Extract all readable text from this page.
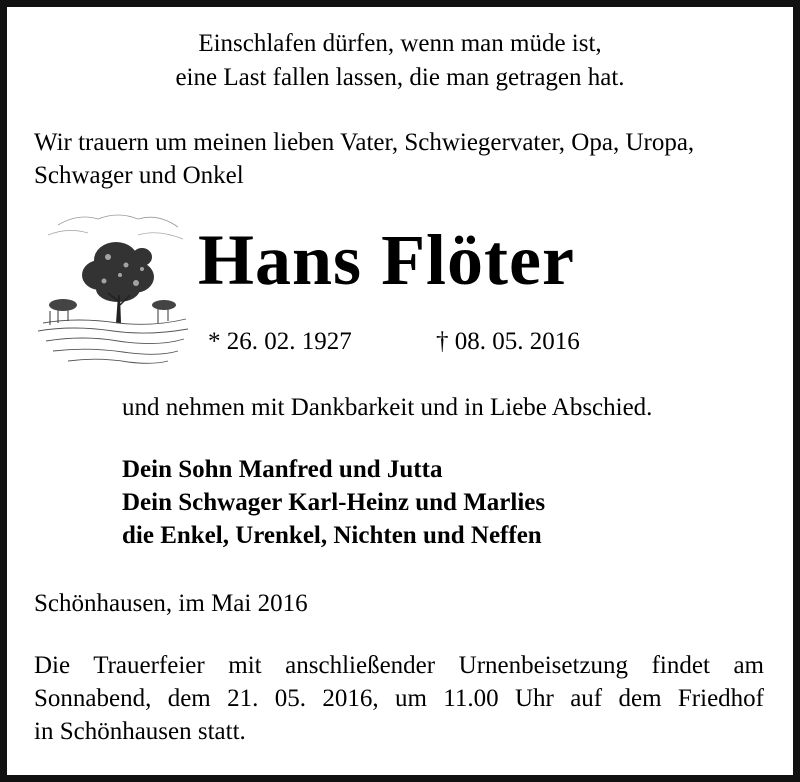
Einschlafen dürfen, wenn man müde ist,
eine Last fallen lassen, die man getragen hat.
Wir trauern um meinen lieben Vater, Schwiegervater, Opa, Uropa,
Schwager und Onkel
Hans Flöter
* 26. 02. 1927	† 08. 05. 2016
und nehmen mit Dankbarkeit und in Liebe Abschied.
Dein Sohn Manfred und Jutta
Dein Schwager Karl-Heinz und Marlies
die Enkel, Urenkel, Nichten und Neffen
Schönhausen, im Mai 2016
Die Trauerfeier mit anschließender Urnenbeisetzung findet am
Sonnabend, dem 21. 05. 2016, um 11.00 Uhr auf dem Friedhof
in Schönhausen statt.
